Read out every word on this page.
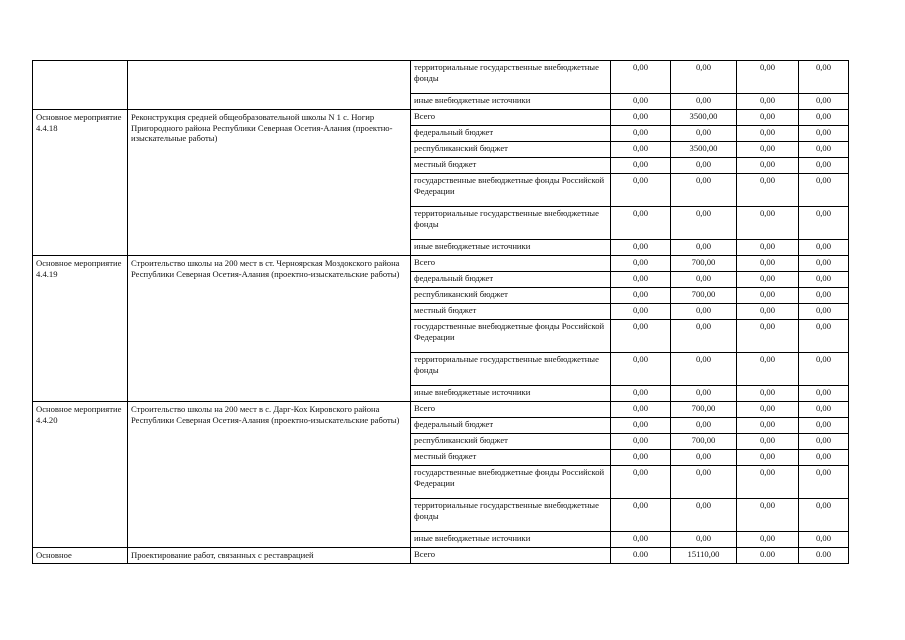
		территориальные государственные внебюджетные фонды	0,00	0,00	0,00	0,00
		иные внебюджетные источники	0,00	0,00	0,00	0,00
Основное мероприятие 4.4.18	Реконструкция средней общеобразовательной школы N 1 с. Ногир Пригородного района Республики Северная Осетия-Алания (проектно-изыскательные работы)	Всего	0,00	3500,00	0,00	0,00
		федеральный бюджет	0,00	0,00	0,00	0,00
		республиканский бюджет	0,00	3500,00	0,00	0,00
		местный бюджет	0,00	0,00	0,00	0,00
		государственные внебюджетные фонды Российской Федерации	0,00	0,00	0,00	0,00
		территориальные государственные внебюджетные фонды	0,00	0,00	0,00	0,00
		иные внебюджетные источники	0,00	0,00	0,00	0,00
Основное мероприятие 4.4.19	Строительство школы на 200 мест в ст. Черноярская Моздокского района Республики Северная Осетия-Алания (проектно-изыскательские работы)	Всего	0,00	700,00	0,00	0,00
		федеральный бюджет	0,00	0,00	0,00	0,00
		республиканский бюджет	0,00	700,00	0,00	0,00
		местный бюджет	0,00	0,00	0,00	0,00
		государственные внебюджетные фонды Российской Федерации	0,00	0,00	0,00	0,00
		территориальные государственные внебюджетные фонды	0,00	0,00	0,00	0,00
		иные внебюджетные источники	0,00	0,00	0,00	0,00
Основное мероприятие 4.4.20	Строительство школы на 200 мест в с. Дарг-Кох Кировского района Республики Северная Осетия-Алания (проектно-изыскательские работы)	Всего	0,00	700,00	0,00	0,00
		федеральный бюджет	0,00	0,00	0,00	0,00
		республиканский бюджет	0,00	700,00	0,00	0,00
		местный бюджет	0,00	0,00	0,00	0,00
		государственные внебюджетные фонды Российской Федерации	0,00	0,00	0,00	0,00
		территориальные государственные внебюджетные фонды	0,00	0,00	0,00	0,00
		иные внебюджетные источники	0,00	0,00	0,00	0,00
Основное	Проектирование работ, связанных с реставрацией	Всего	0.00	15110,00	0.00	0.00
